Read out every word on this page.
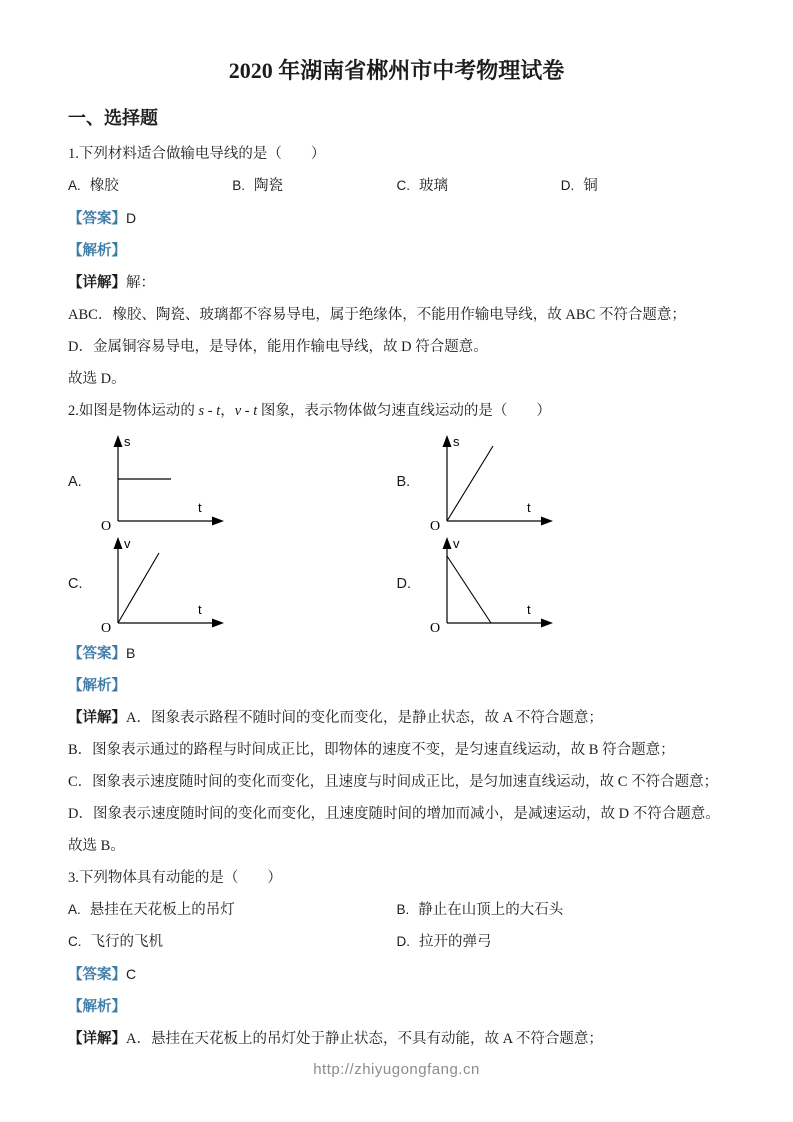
2020 年湖南省郴州市中考物理试卷
一、选择题

1.下列材料适合做输电导线的是（　　）

A. 橡胶	B. 陶瓷	C. 玻璃	D. 铜

【答案】D

【解析】

【详解】解：

ABC．橡胶、陶瓷、玻璃都不容易导电，属于绝缘体，不能用作输电导线，故 ABC 不符合题意；

D．金属铜容易导电，是导体，能用作输电导线，故 D 符合题意。

故选 D。

2.如图是物体运动的 s - t，v - t 图象，表示物体做匀速直线运动的是（　　）

A.
s
t
O
B.
s
t
O
C.
v
t
O
D.
v
t
O

【答案】B

【解析】

【详解】A．图象表示路程不随时间的变化而变化，是静止状态，故 A 不符合题意；

B．图象表示通过的路程与时间成正比，即物体的速度不变，是匀速直线运动，故 B 符合题意；

C．图象表示速度随时间的变化而变化，且速度与时间成正比，是匀加速直线运动，故 C 不符合题意；

D．图象表示速度随时间的变化而变化，且速度随时间的增加而减小，是减速运动，故 D 不符合题意。

故选 B。

3.下列物体具有动能的是（　　）

A. 悬挂在天花板上的吊灯	B. 静止在山顶上的大石头
C. 飞行的飞机	D. 拉开的弹弓

【答案】C

【解析】

【详解】A．悬挂在天花板上的吊灯处于静止状态，不具有动能，故 A 不符合题意；

http://zhiyugongfang.cn
